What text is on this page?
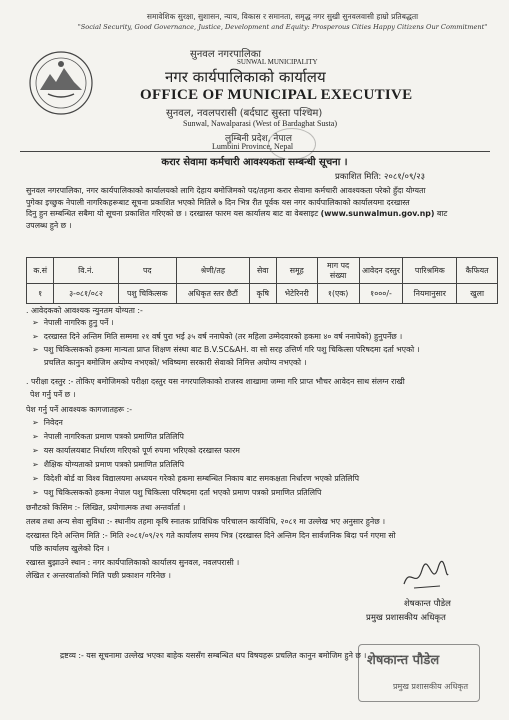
समावेशिक सुरक्षा, सुशासन, न्याय, विकास र समानता, समृद्ध नगर सुखी सुनवलवासी हाम्रो प्रतिबद्धता
"Social Security, Good Governance, Justice, Development and Equity: Prosperous Cities Happy Citizens Our Commitment"
सुनवल नगरपालिका
SUNWAL MUNICIPALITY
नगर कार्यपालिकाको कार्यालय
OFFICE OF MUNICIPAL EXECUTIVE
सुनवल, नवलपरासी (बर्दघाट सुस्ता पश्चिम)
Sunwal, Nawalparasi (West of Bardaghat Susta)
लुम्बिनी प्रदेश, नेपाल
Lumbini Province, Nepal
करार सेवामा कर्मचारी आवश्यकता सम्बन्धी सूचना ।
प्रकाशित मिति: २०८१/०९/२३
सुनवल नगरपालिका, नगर कार्यपालिकाको कार्यालयको लागि देहाय बमोजिमको पद/तहमा करार सेवामा कर्मचारी आवश्यकता परेको हुँदा योग्यता
पुगेका इच्छुक नेपाली नागरिकहरूबाट सूचना प्रकाशित भएको मितिले ७ दिन भित्र रीत पूर्वक यस नगर कार्यपालिकाको कार्यालयमा दरखास्त
दिनु हुन सम्बन्धित सबैमा यो सूचना प्रकाशित गरिएको छ । दरखास्त फारम यस कार्यालय बाट वा वेबसाइट (www.sunwalmun.gov.np) बाट
उपलब्ध हुने छ ।
क.सं	वि.नं.	पद	श्रेणी/तह	सेवा	समूह	माग पद संख्या	आवेदन दस्तुर	पारिश्रमिक	कैफियत
१	३-०८१/०८२	पशु चिकित्सक	अधिकृत स्तर छैटौं	कृषि	भेटेरिनरी	१(एक)	१०००/-	नियमानुसार	खुला
. आवेदकको आवश्यक न्युनतम योग्यता :-
➢ नेपाली नागरिक हुनु पर्ने ।
➢ दरखास्त दिने अन्तिम मिति सम्ममा २१ वर्ष पुरा भई ३५ वर्ष ननाघेको (तर महिला उम्मेदवारको हकमा ४० वर्ष ननाघेको) हुनुपर्नेछ ।
➢ पशु चिकित्सकको हकमा मान्यता प्राप्त शिक्षण संस्था बाट B.V.SC&AH. वा सो सरह उत्तिर्ण गरि पशु चिकित्सा परिषदमा दर्ता भएको ।
प्रचलित कानुन बमोजिम अयोग्य नभएको/ भविष्यमा सरकारी सेवाको निमित्त अयोग्य नभएको ।
. परीक्षा दस्तुर :- तोकिए बमोजिमको परीक्षा दस्तुर यस नगरपालिकाको राजस्व शाखामा जम्मा गरि प्राप्त भौचर आवेदन साथ संलग्न राखी
पेश गर्नु पर्ने छ ।
पेश गर्नु पर्ने आवश्यक कागजातहरू :-
➢ निवेदन
➢ नेपाली नागरिकता प्रमाण पत्रको प्रमाणित प्रतिलिपि
➢ यस कार्यालयबाट निर्धारण गरिएको पूर्ण रुपमा भरिएको दरखास्त फारम
➢ शैक्षिक योग्यताको प्रमाण पत्रको प्रमाणित प्रतिलिपि
➢ विदेशी बोर्ड वा विश्व विद्यालयमा अध्ययन गरेको हकमा सम्बन्धित निकाय बाट समकक्षता निर्धारण भएको प्रतिलिपि
➢ पशु चिकित्सकको हकमा नेपाल पशु चिकित्सा परिषदमा दर्ता भएको प्रमाण पत्रको प्रमाणित प्रतिलिपि
छनौटको किसिम :- लिखित, प्रयोगात्मक तथा अन्तर्वार्ता ।
तलब तथा अन्य सेवा सुविधा :- स्थानीय तहमा कृषि स्नातक प्राविधिक परिचालन कार्यविधि, २०८१ मा उल्लेख भए अनुसार हुनेछ ।
दरखास्त दिने अन्तिम मिति :- मिति २०८१/०९/२९ गते कार्यालय समय भित्र (दरखास्त दिने अन्तिम दिन सार्वजनिक बिदा पर्न गएमा सो
पछि कार्यालय खुलेको दिन ।
रखास्त बुझाउने स्थान : नगर कार्यपालिकाको कार्यालय सुनवल, नवलपरासी ।
लेखित र अन्तरवार्ताको मिति पछी प्रकाशन गरिनेछ ।
शेषकान्त पौडेल
प्रमुख प्रशासकीय अधिकृत
शेषकान्त पौडेल
प्रमुख प्रशासकीय अधिकृत
द्रष्टव्य :- यस सूचनामा उल्लेख भएका बाहेक यससँग सम्बन्धित थप विषयहरू प्रचलित कानुन बमोजिम हुने छ ।
